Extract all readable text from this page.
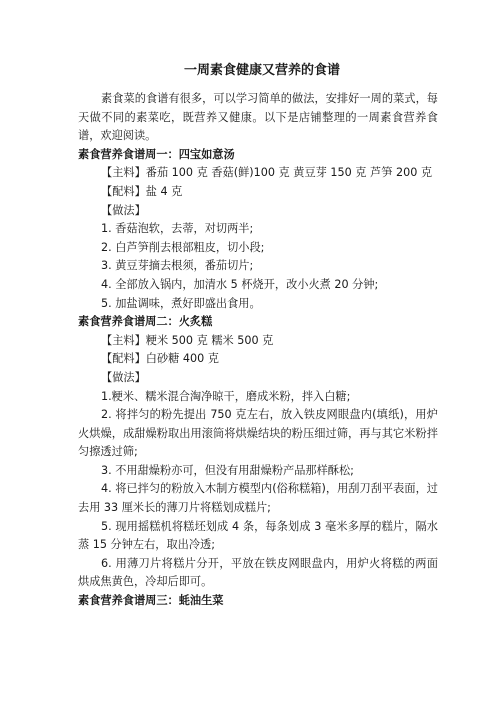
一周素食健康又营养的食谱

素食菜的食谱有很多，可以学习简单的做法，安排好一周的菜式，每天做不同的素菜吃，既营养又健康。以下是店铺整理的一周素食营养食谱，欢迎阅读。

素食营养食谱周一：四宝如意汤
【主料】番茄 100 克 香菇(鲜)100 克 黄豆芽 150 克 芦笋 200 克
【配料】盐 4 克
【做法】
1. 香菇泡软，去蒂，对切两半;
2. 白芦笋削去根部粗皮，切小段;
3. 黄豆芽摘去根须，番茄切片;
4. 全部放入锅内，加清水 5 杯烧开，改小火煮 20 分钟;
5. 加盐调味，煮好即盛出食用。
素食营养食谱周二：火炙糕
【主料】粳米 500 克 糯米 500 克
【配料】白砂糖 400 克
【做法】
1.粳米、糯米混合淘净晾干，磨成米粉，拌入白糖;

2. 将拌匀的粉先提出 750 克左右，放入铁皮网眼盘内(填纸)，用炉火烘燥，成甜燥粉取出用滚筒将烘燥结块的粉压细过筛，再与其它米粉拌匀擦透过筛;

3. 不用甜燥粉亦可，但没有用甜燥粉产品那样酥松;

4. 将已拌匀的粉放入木制方模型内(俗称糕箱)，用刮刀刮平表面，过去用 33 厘米长的薄刀片将糕划成糕片;

5. 现用摇糕机将糕坯划成 4 条，每条划成 3 毫米多厚的糕片，隔水蒸 15 分钟左右，取出冷透;

6. 用薄刀片将糕片分开，平放在铁皮网眼盘内，用炉火将糕的两面烘成焦黄色，冷却后即可。

素食营养食谱周三：蚝油生菜
